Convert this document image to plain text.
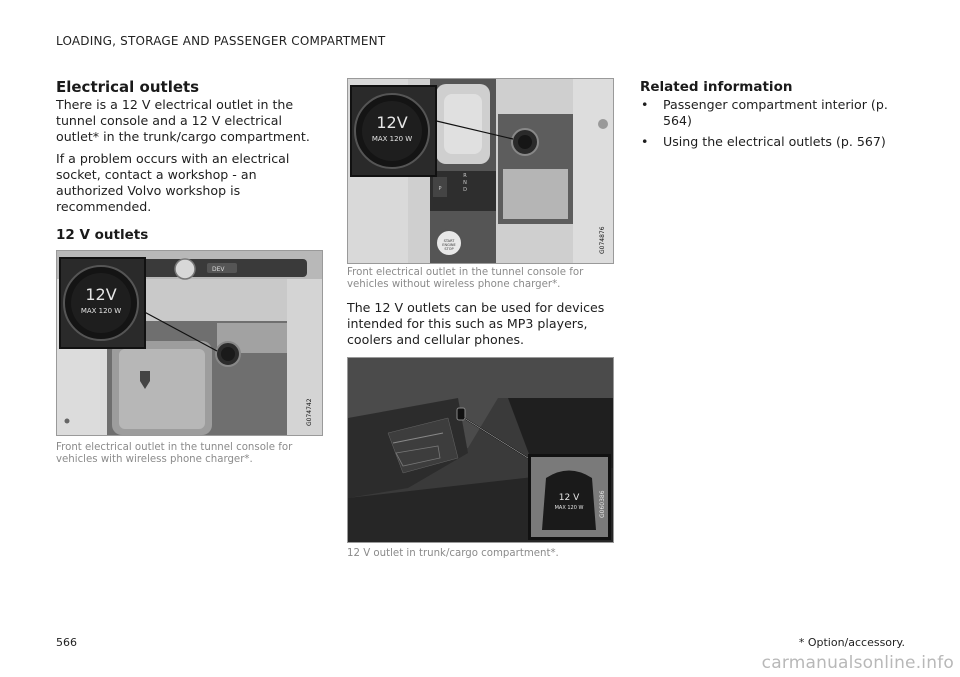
LOADING, STORAGE AND PASSENGER COMPARTMENT
Electrical outlets

There is a 12 V electrical outlet in the tunnel console and a 12 V electrical outlet* in the trunk/cargo compartment.

If a problem occurs with an electrical socket, contact a workshop - an authorized Volvo workshop is recommended.

12 V outlets
DEV
12V
MAX 120 W
G074742

Front electrical outlet in the tunnel console for vehicles with wireless phone charger*.

P
R
N
D
START
ENGINE
STOP
12V
MAX 120 W
G074876

Front electrical outlet in the tunnel console for vehicles without wireless phone charger*.

The 12 V outlets can be used for devices intended for this such as MP3 players, coolers and cellular phones.

12 V
MAX 120 W	G060386

12 V outlet in trunk/cargo compartment*.

Related information
• Passenger compartment interior (p. 564)
• Using the electrical outlets (p. 567)
566	* Option/accessory.
carmanualsonline.info
